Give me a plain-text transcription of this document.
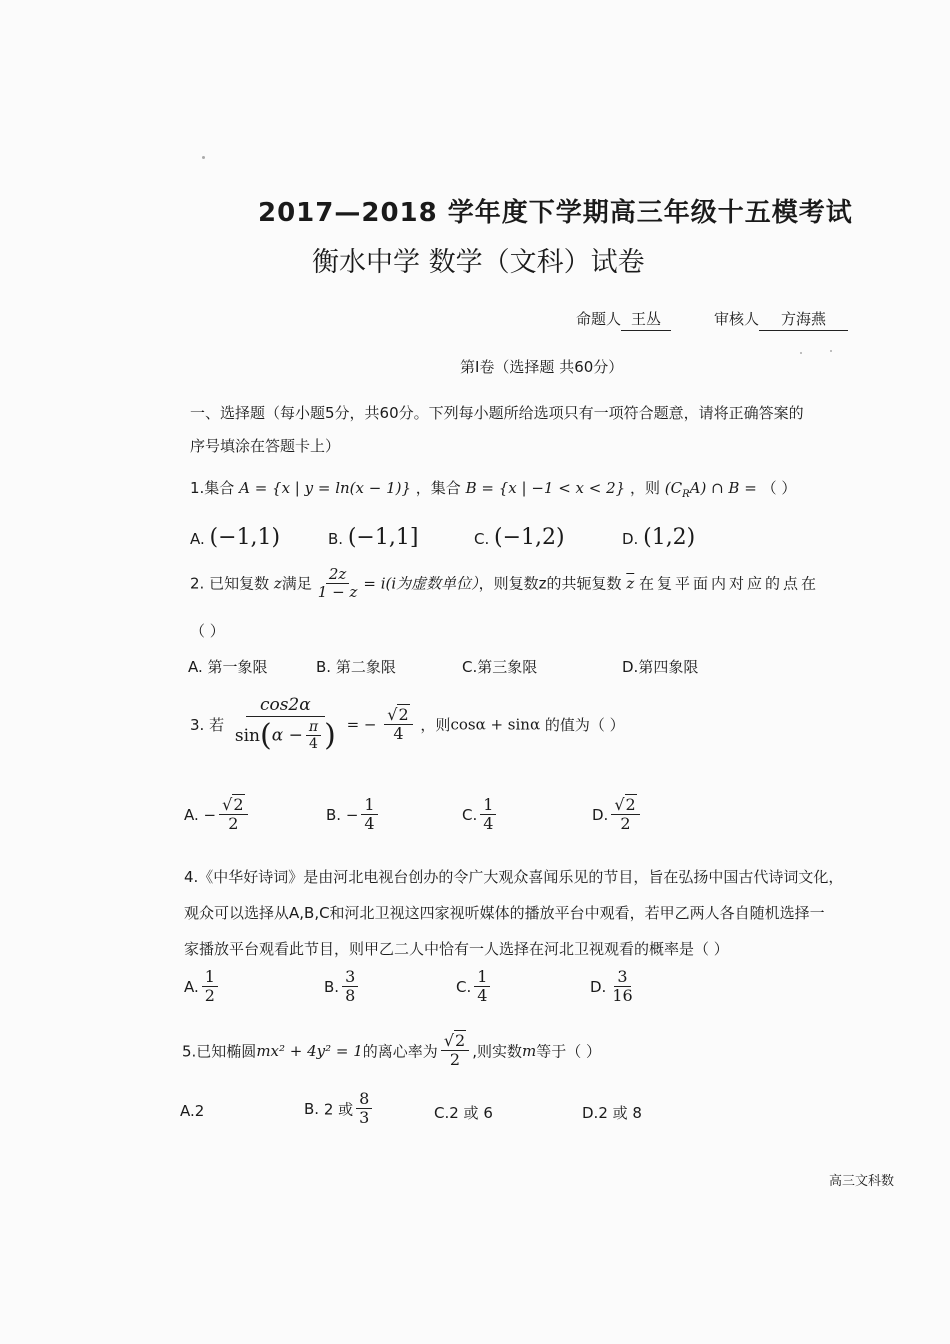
2017—2018 学年度下学期高三年级十五模考试
衡水中学 数学（文科）试卷
命题人 王丛	审核人 方海燕
第Ⅰ卷（选择题 共60分）
一、选择题（每小题5分，共60分。下列每小题所给选项只有一项符合题意，请将正确答案的
序号填涂在答题卡上）
1.集合 A = {x | y = ln(x − 1)} ，集合 B = {x | −1 < x < 2} ，则 $(C_RA)$ ∩ B = （ ）
A. (−1,1)	B. (−1,1]	C. (−1,2)	D. (1,2)
2. 已知复数 z满足 $\frac{2z}{1 - z} = i(i$为虚数单位），则复数z的共轭复数 $\overline{z}$ 在复平面内对应的点在
（ ）
A. 第一象限	B. 第二象限	C.第三象限	D.第四象限
3. 若 $\frac{\cos 2\alpha}{\sin(\alpha - \frac{\pi}{4} )}$ = − $\frac{√2}{4}$ ，则cosα + sinα 的值为（ ）
A. − $\frac{√2}{2}$	B. − $\frac{1}{4}$	C. $\frac{1}{4}$	D. $\frac{√2}{2}$
4.《中华好诗词》是由河北电视台创办的令广大观众喜闻乐见的节目，旨在弘扬中国古代诗词文化，
观众可以选择从A,B,C和河北卫视这四家视听媒体的播放平台中观看，若甲乙两人各自随机选择一
家播放平台观看此节目，则甲乙二人中恰有一人选择在河北卫视观看的概率是（ ）
A. $\frac{1}{2}$	B. $\frac{3}{8}$	C. $\frac{1}{4}$	D. $\frac{3}{16}$
5.已知椭圆mx² + 4y² = 1的离心率为 $\frac{√2}{2}$ ,则实数m等于（ ）
A.2	B. 2 或 $\frac{8}{3}$	C.2 或 6	D.2 或 8
高三文科数
